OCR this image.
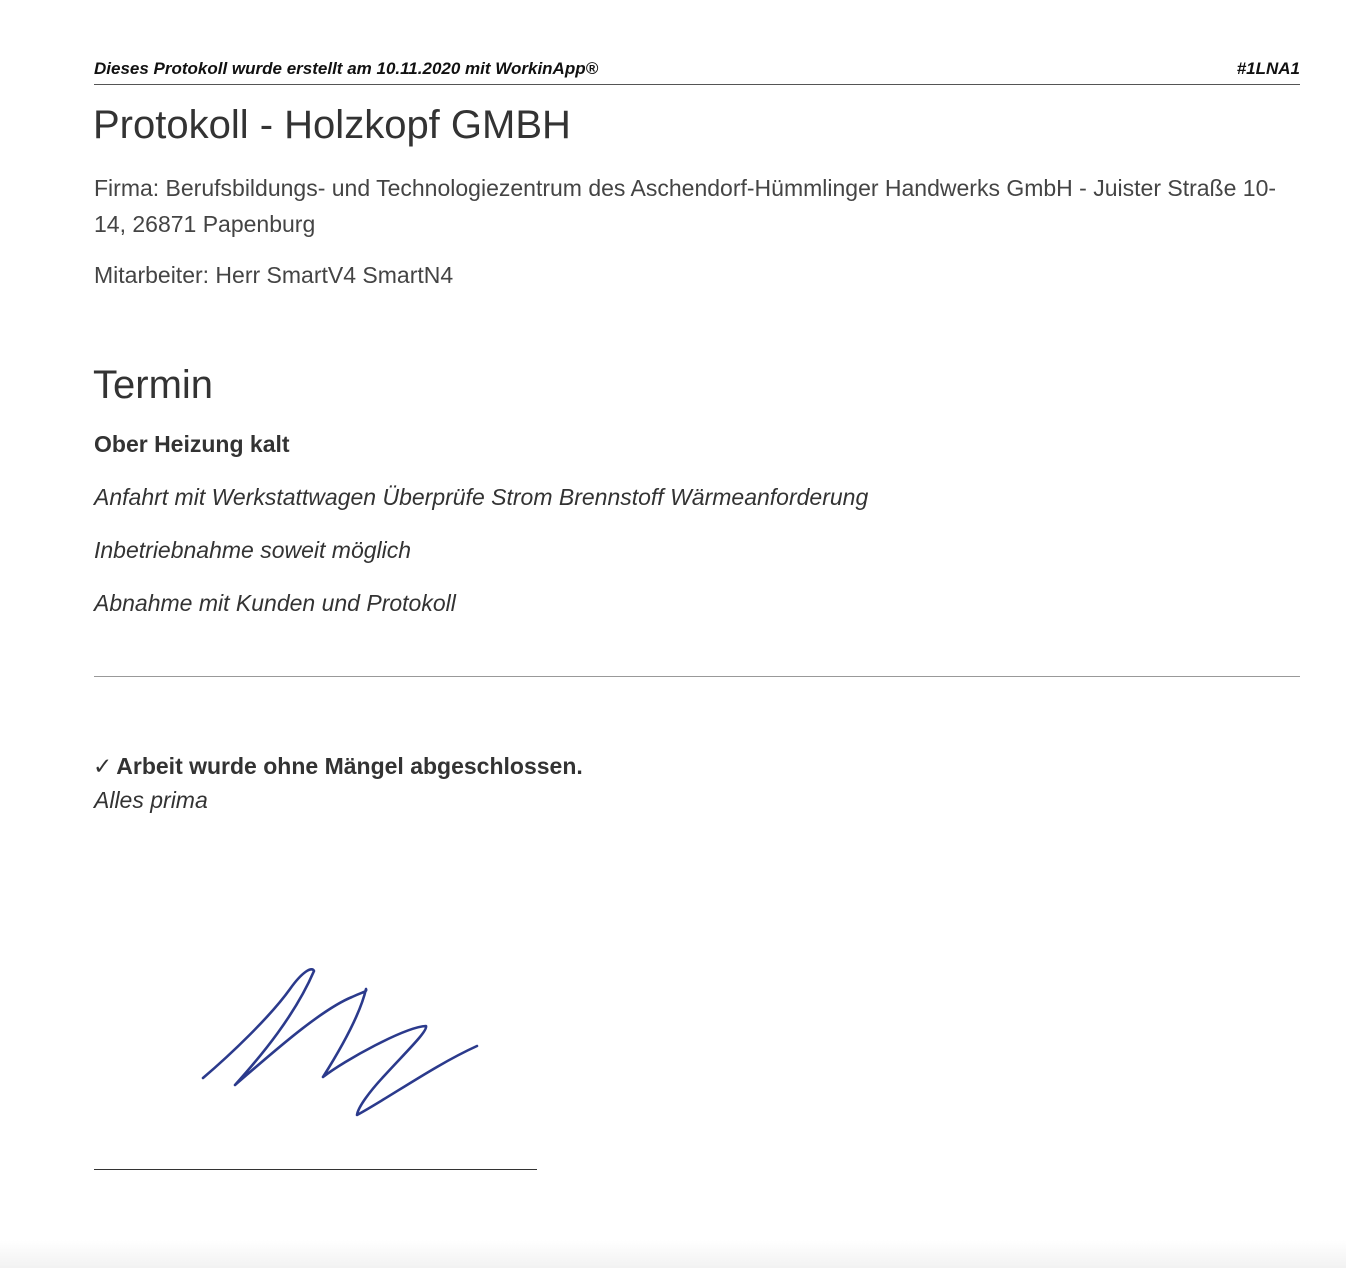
Dieses Protokoll wurde erstellt am 10.11.2020 mit WorkinApp®	#1LNA1
Protokoll - Holzkopf GMBH

Firma: Berufsbildungs- und Technologiezentrum des Aschendorf-Hümmlinger Handwerks GmbH - Juister Straße 10-14, 26871 Papenburg

Mitarbeiter: Herr SmartV4 SmartN4

Termin

Ober Heizung kalt

Anfahrt mit Werkstattwagen Überprüfe Strom Brennstoff Wärmeanforderung

Inbetriebnahme soweit möglich

Abnahme mit Kunden und Protokoll

✓ Arbeit wurde ohne Mängel abgeschlossen.

Alles prima
